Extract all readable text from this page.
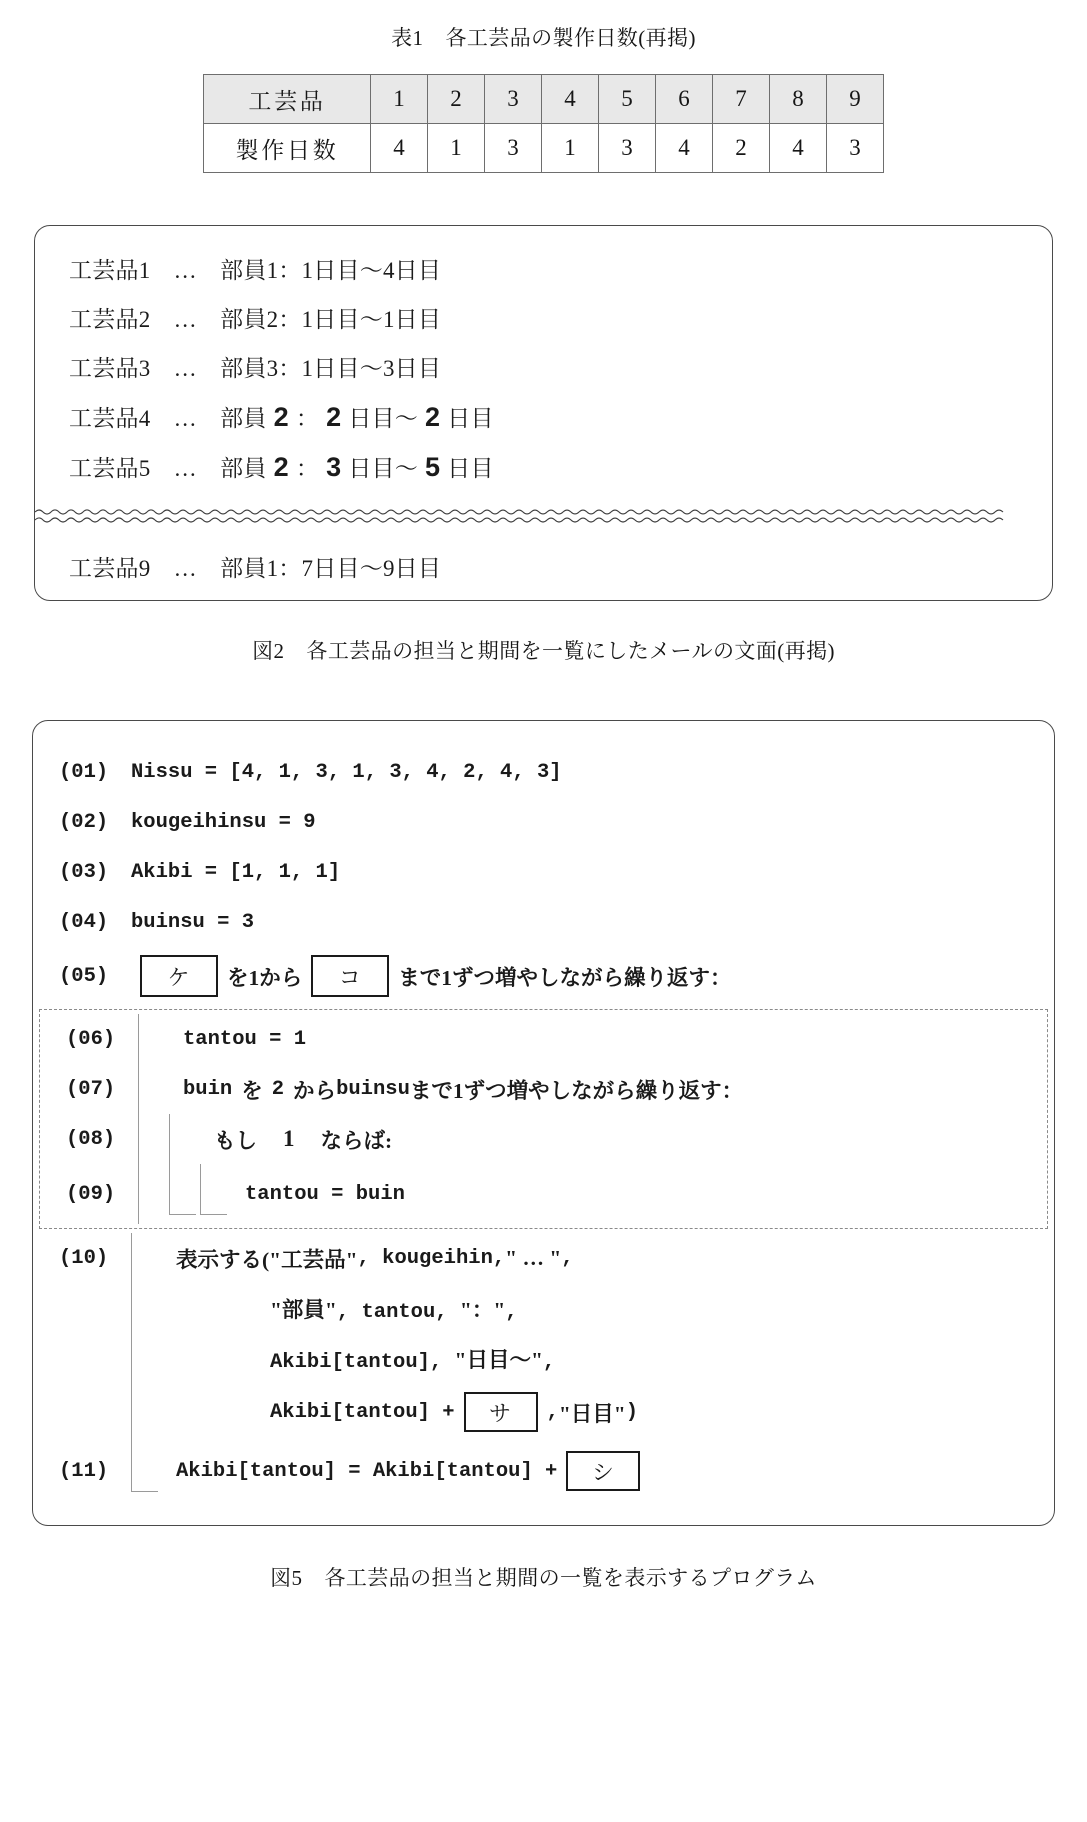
表1 各工芸品の製作日数(再掲)
工芸品	1	2	3	4	5	6	7	8	9
製作日数	4	1	3	1	3	4	2	4	3
工芸品1　…　部員1：1日目〜4日目
工芸品2　…　部員2：1日目〜1日目
工芸品3　…　部員3：1日目〜3日目
工芸品4　…　部員 2 ： 2 日目〜 2 日目
工芸品5　…　部員 2 ： 3 日目〜 5 日目
工芸品9　…　部員1：7日目〜9日目
図2 各工芸品の担当と期間を一覧にしたメールの文面(再掲)
(01)	Nissu = [4, 1, 3, 1, 3, 4, 2, 4, 3]
(02)	kougeihinsu = 9
(03)	Akibi = [1, 1, 1]
(04)	buinsu = 3
(05)	ケ	を1から	コ	まで1ずつ増やしながら繰り返す：
(06)	tantou = 1
(07)	buin を 2 から buinsu まで1ずつ増やしながら繰り返す：
(08)	もし 1 ならば:
(09)	tantou = buin
(10)	表示する( "工芸品" , kougeihin, " … " ,
"部員", tantou, "：",
Akibi[tantou], "日目〜",
Akibi[tantou] +	サ	, "日目" )
(11)	Akibi[tantou] = Akibi[tantou] +	シ
図5 各工芸品の担当と期間の一覧を表示するプログラム
